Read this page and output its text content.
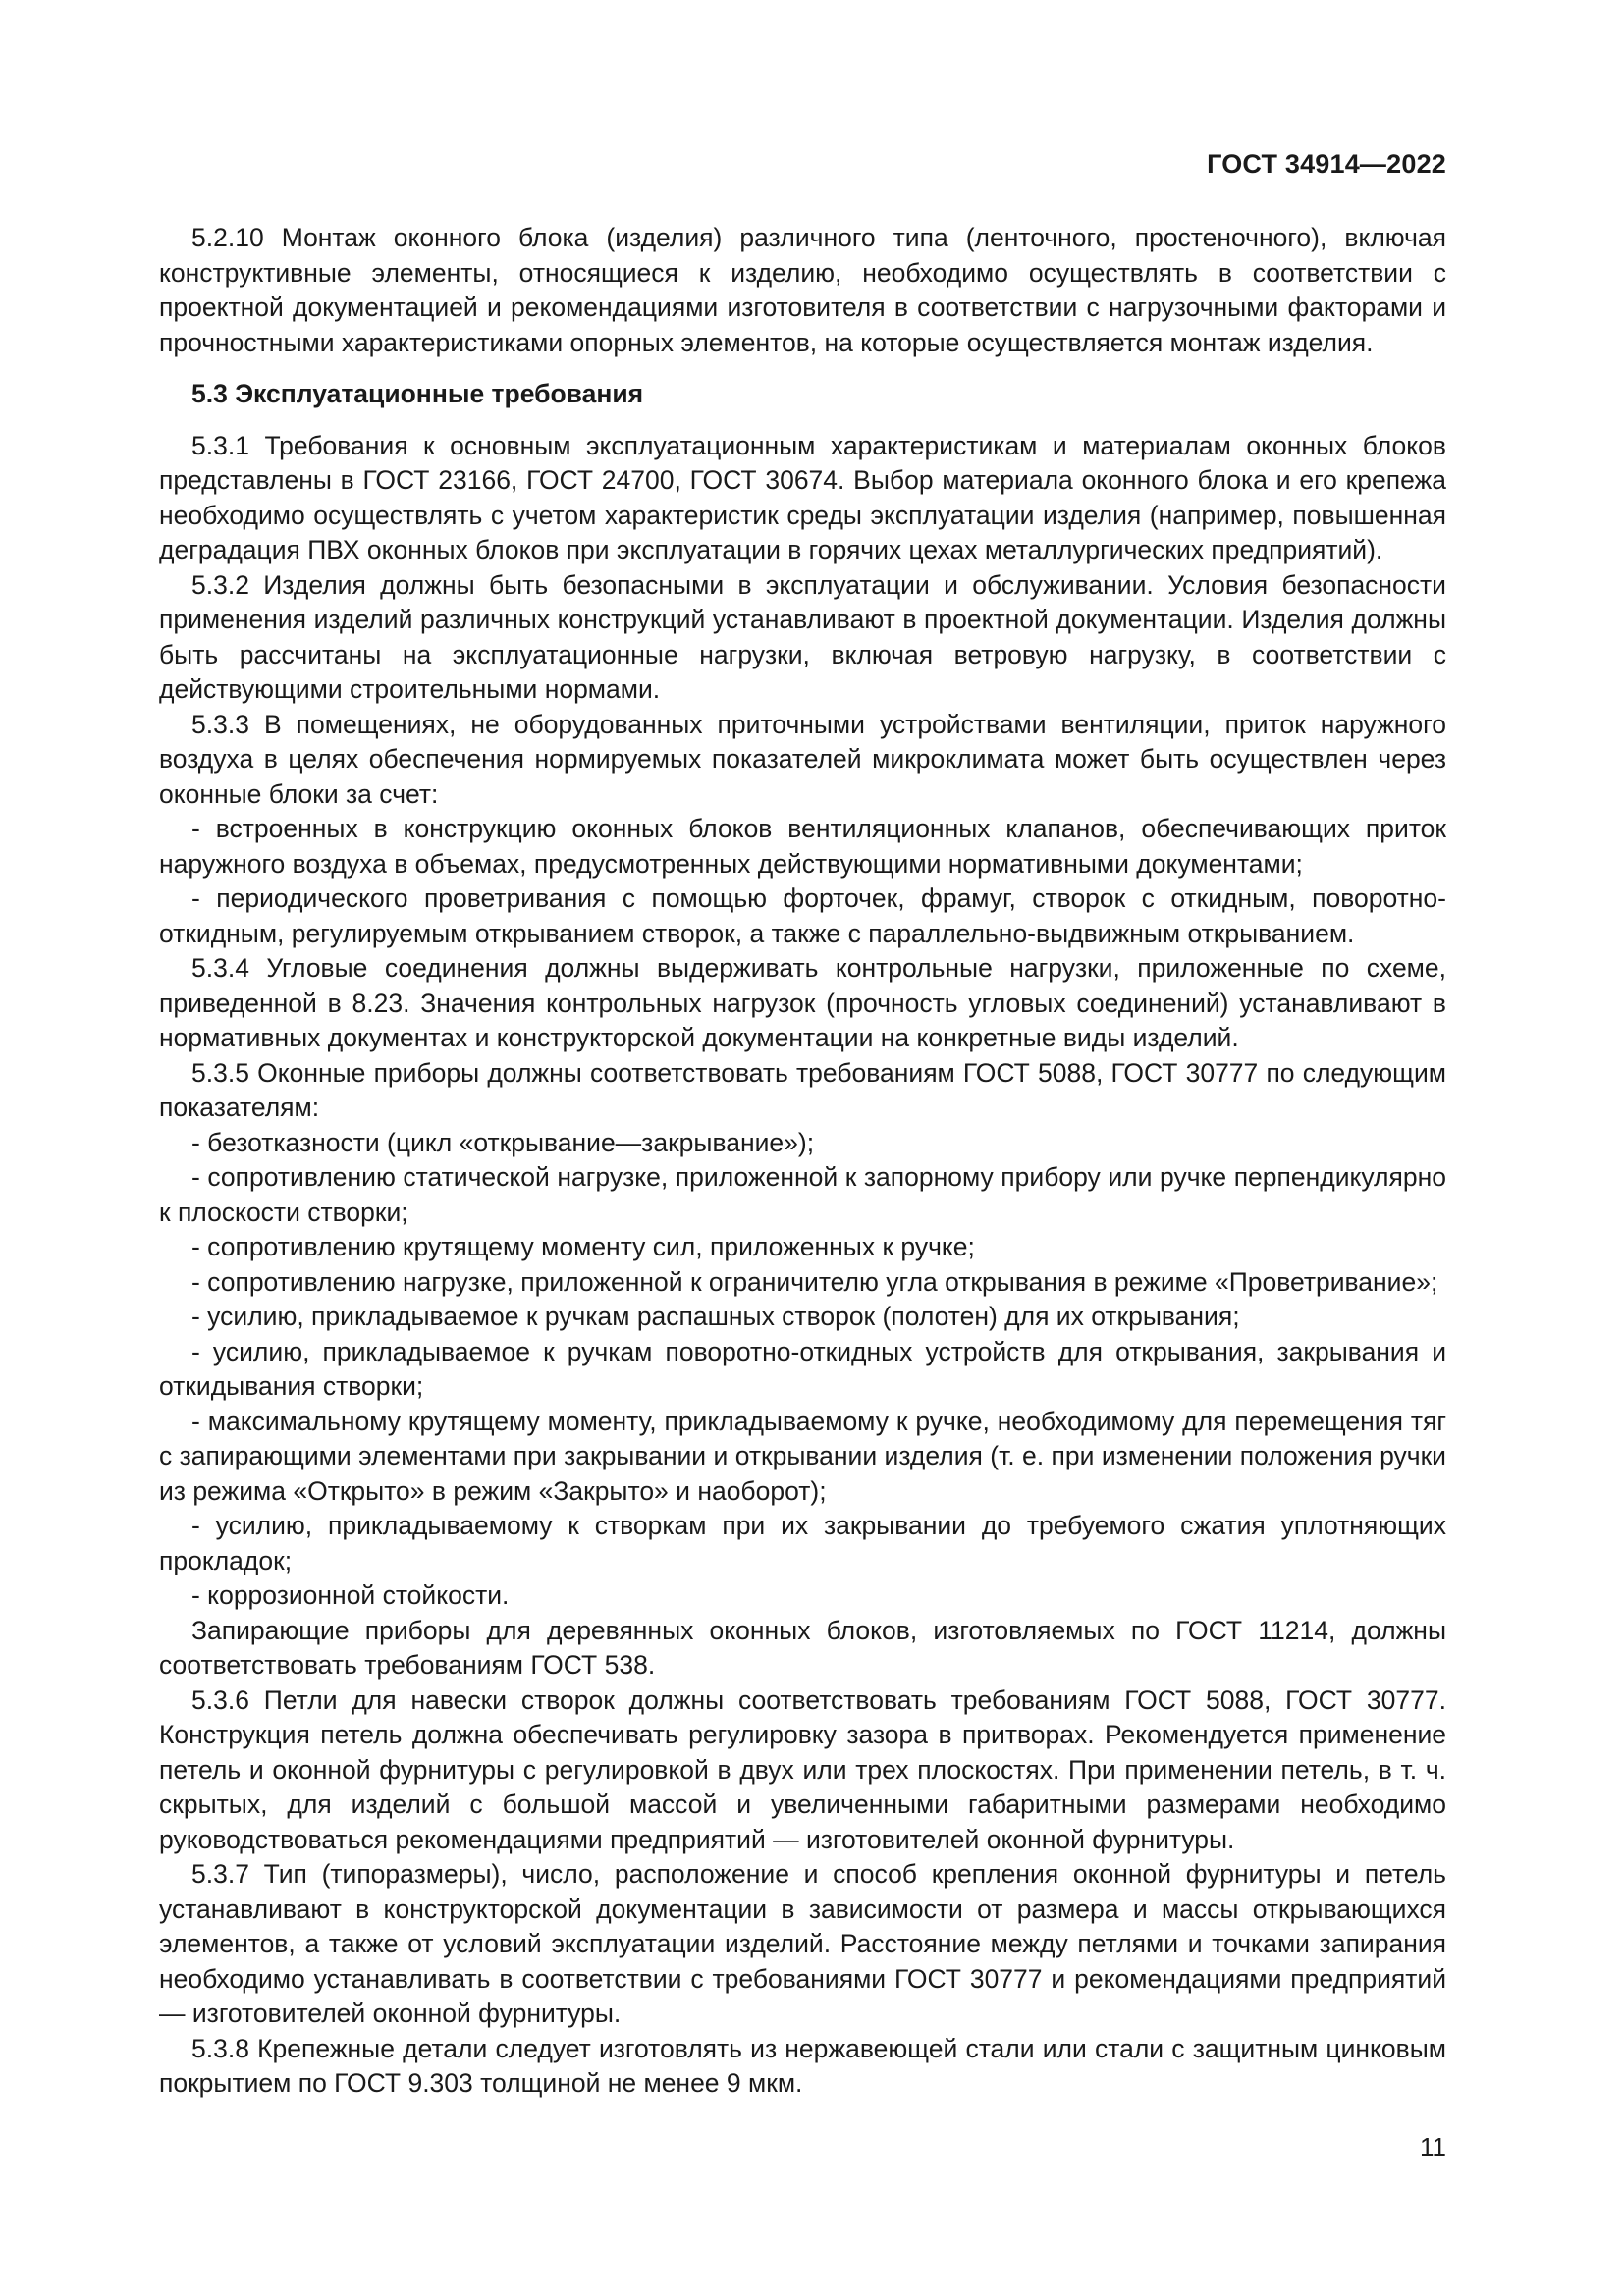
ГОСТ 34914—2022

5.2.10 Монтаж оконного блока (изделия) различного типа (ленточного, простеночного), включая конструктивные элементы, относящиеся к изделию, необходимо осуществлять в соответствии с проектной документацией и рекомендациями изготовителя в соответствии с нагрузочными факторами и прочностными характеристиками опорных элементов, на которые осуществляется монтаж изделия.

5.3 Эксплуатационные требования

5.3.1 Требования к основным эксплуатационным характеристикам и материалам оконных блоков представлены в ГОСТ 23166, ГОСТ 24700, ГОСТ 30674. Выбор материала оконного блока и его крепежа необходимо осуществлять с учетом характеристик среды эксплуатации изделия (например, повышенная деградация ПВХ оконных блоков при эксплуатации в горячих цехах металлургических предприятий).

5.3.2 Изделия должны быть безопасными в эксплуатации и обслуживании. Условия безопасности применения изделий различных конструкций устанавливают в проектной документации. Изделия должны быть рассчитаны на эксплуатационные нагрузки, включая ветровую нагрузку, в соответствии с действующими строительными нормами.

5.3.3 В помещениях, не оборудованных приточными устройствами вентиляции, приток наружного воздуха в целях обеспечения нормируемых показателей микроклимата может быть осуществлен через оконные блоки за счет:

- встроенных в конструкцию оконных блоков вентиляционных клапанов, обеспечивающих приток наружного воздуха в объемах, предусмотренных действующими нормативными документами;

- периодического проветривания с помощью форточек, фрамуг, створок с откидным, поворотно-откидным, регулируемым открыванием створок, а также с параллельно-выдвижным открыванием.

5.3.4 Угловые соединения должны выдерживать контрольные нагрузки, приложенные по схеме, приведенной в 8.23. Значения контрольных нагрузок (прочность угловых соединений) устанавливают в нормативных документах и конструкторской документации на конкретные виды изделий.

5.3.5 Оконные приборы должны соответствовать требованиям ГОСТ 5088, ГОСТ 30777 по следующим показателям:

- безотказности (цикл «открывание—закрывание»);

- сопротивлению статической нагрузке, приложенной к запорному прибору или ручке перпендикулярно к плоскости створки;

- сопротивлению крутящему моменту сил, приложенных к ручке;

- сопротивлению нагрузке, приложенной к ограничителю угла открывания в режиме «Проветривание»;

- усилию, прикладываемое к ручкам распашных створок (полотен) для их открывания;

- усилию, прикладываемое к ручкам поворотно-откидных устройств для открывания, закрывания и откидывания створки;

- максимальному крутящему моменту, прикладываемому к ручке, необходимому для перемещения тяг с запирающими элементами при закрывании и открывании изделия (т. е. при изменении положения ручки из режима «Открыто» в режим «Закрыто» и наоборот);

- усилию, прикладываемому к створкам при их закрывании до требуемого сжатия уплотняющих прокладок;

- коррозионной стойкости.

Запирающие приборы для деревянных оконных блоков, изготовляемых по ГОСТ 11214, должны соответствовать требованиям ГОСТ 538.

5.3.6 Петли для навески створок должны соответствовать требованиям ГОСТ 5088, ГОСТ 30777. Конструкция петель должна обеспечивать регулировку зазора в притворах. Рекомендуется применение петель и оконной фурнитуры с регулировкой в двух или трех плоскостях. При применении петель, в т. ч. скрытых, для изделий с большой массой и увеличенными габаритными размерами необходимо руководствоваться рекомендациями предприятий — изготовителей оконной фурнитуры.

5.3.7 Тип (типоразмеры), число, расположение и способ крепления оконной фурнитуры и петель устанавливают в конструкторской документации в зависимости от размера и массы открывающихся элементов, а также от условий эксплуатации изделий. Расстояние между петлями и точками запирания необходимо устанавливать в соответствии с требованиями ГОСТ 30777 и рекомендациями предприятий — изготовителей оконной фурнитуры.

5.3.8 Крепежные детали следует изготовлять из нержавеющей стали или стали с защитным цинковым покрытием по ГОСТ 9.303 толщиной не менее 9 мкм.

11
